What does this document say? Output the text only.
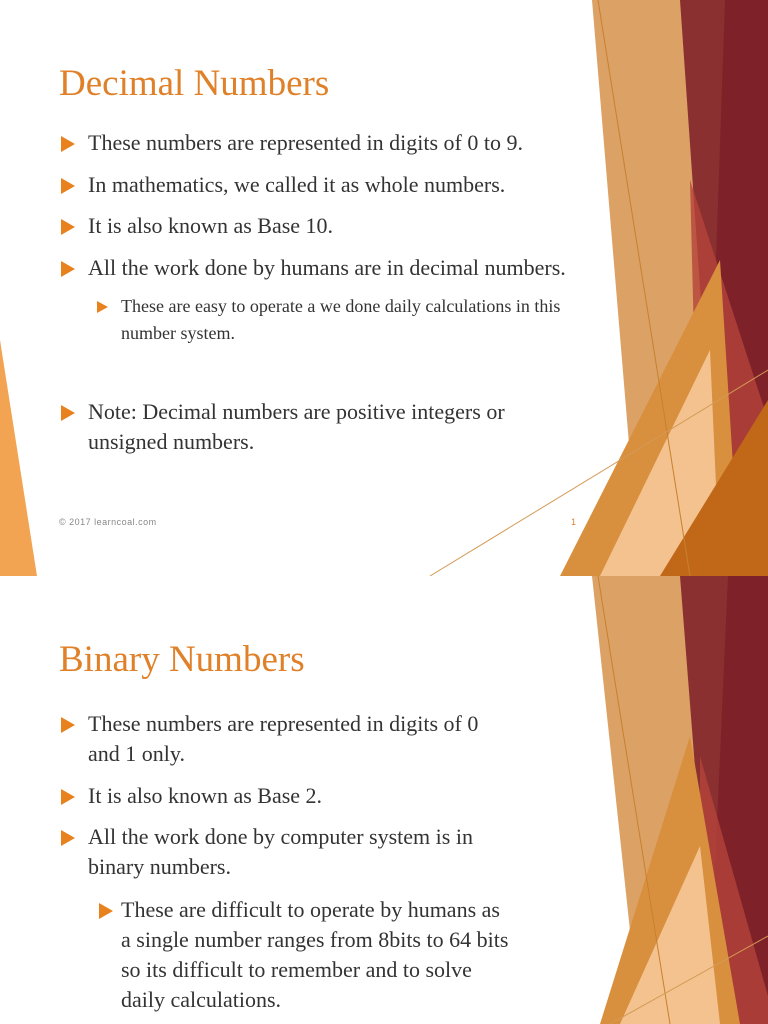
Decimal Numbers
These numbers are represented in digits of 0 to 9.
In mathematics, we called it as whole numbers.
It is also known as Base 10.
All the work done by humans are in decimal numbers.
These are easy to operate a we done daily calculations in this
number system.
Note: Decimal numbers are positive integers or
unsigned numbers.
© 2017 learncoal.com	1
Binary Numbers
These numbers are represented in digits of 0
and 1 only.
It is also known as Base 2.
All the work done by computer system is in
binary numbers.
These are difficult to operate by humans as
a single number ranges from 8bits to 64 bits
so its difficult to remember and to solve
daily calculations.
